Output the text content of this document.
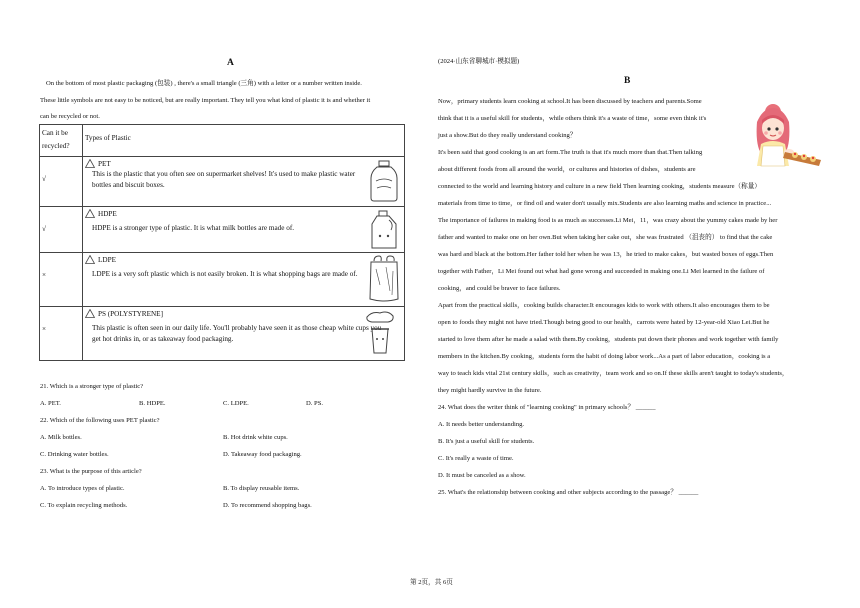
A
On the bottom of most plastic packaging (包装) , there's a small triangle (三角) with a letter or a number written inside.
These little symbols are not easy to be noticed, but are really important. They tell you what kind of plastic it is and whether it
can be recycled or not.
Can it be recycled?	Types of Plastic
√	PET
This is the plastic that you often see on supermarket shelves! It's used to make plastic water bottles and biscuit boxes.

√	HDPE
HDPE is a stronger type of plastic. It is what milk bottles are made of.

×	LDPE
LDPE is a very soft plastic which is not easily broken. It is what shopping bags are made of.

×	PS (POLYSTYRENE]
This plastic is often seen in our daily life. You'll probably have seen it as those cheap white cups you get hot drinks in, or as takeaway food packaging.
21. Which is a stronger type of plastic?
A. PET.	B. HDPE.	C. LDPE.	D. PS.
22. Which of the following uses PET plastic?
A. Milk bottles.	B. Hot drink white cups.
C. Drinking water bottles.	D. Takeaway food packaging.
23. What is the purpose of this article?
A. To introduce types of plastic.	B. To display reusable items.
C. To explain recycling methods.	D. To recommend shopping bags.
(2024·山东省聊城市·模拟题)
B
Now，primary students learn cooking at school.It has been discussed by teachers and parents.Some
think that it is a useful skill for students，while others think it's a waste of time，some even think it's
just a show.But do they really understand cooking？
It's been said that good cooking is an art form.The truth is that it's much more than that.Then talking
about different foods from all around the world，or cultures and histories of dishes，students are
connected to the world and learning history and culture in a new field Then learning cooking，students measure（称量）
materials from time to time，or find oil and water don't usually mix.Students are also learning maths and science in practice...
The importance of failures in making food is as much as successes.Li Mei，11，was crazy about the yummy cakes made by her
father and wanted to make one on her own.But when taking her cake out，she was frustrated （沮丧的） to find that the cake
was hard and black at the bottom.Her father told her when he was 13，he tried to make cakes，but wasted boxes of eggs.Then
together with Father，Li Mei found out what had gone wrong and succeeded in making one.Li Mei learned in the failure of
cooking，and could be braver to face failures.
Apart from the practical skills，cooking builds character.It encourages kids to work with others.It also encourages them to be
open to foods they might not have tried.Though being good to our health，carrots were hated by 12-year-old Xiao Lei.But he
started to love them after he made a salad with them.By cooking，students put down their phones and work together with family
members in the kitchen.By cooking，students form the habit of doing labor work...As a part of labor education，cooking is a
way to teach kids vital 21st century skills，such as creativity，team work and so on.If these skills aren't taught to today's students，
they might hardly survive in the future.
24. What does the writer think of "learning cooking" in primary schools？ ______
A. It needs better understanding.
B. It's just a useful skill for students.
C. It's really a waste of time.
D. It must be canceled as a show.
25. What's the relationship between cooking and other subjects according to the passage？ ______
第 2页，共 6页
